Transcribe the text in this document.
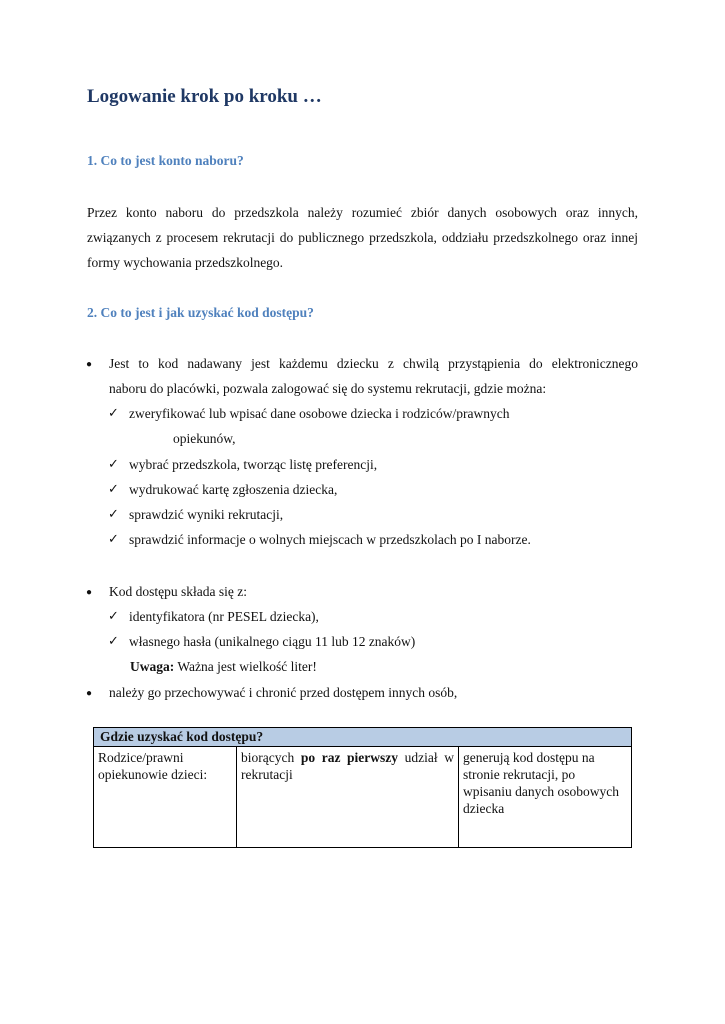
Logowanie krok po kroku …
1. Co to jest konto naboru?
Przez konto naboru do przedszkola należy rozumieć zbiór danych osobowych oraz innych, związanych z procesem rekrutacji do publicznego przedszkola, oddziału przedszkolnego oraz innej formy wychowania przedszkolnego.
2. Co to jest i jak uzyskać kod dostępu?
● Jest to kod nadawany jest każdemu dziecku z chwilą przystąpienia do elektronicznego
naboru do placówki, pozwala zalogować się do systemu rekrutacji, gdzie można:
✓ zweryfikować lub wpisać dane osobowe dziecka i rodziców/prawnych
opiekunów,
✓ wybrać przedszkola, tworząc listę preferencji,
✓ wydrukować kartę zgłoszenia dziecka,
✓ sprawdzić wyniki rekrutacji,
✓ sprawdzić informacje o wolnych miejscach w przedszkolach po I naborze.
● Kod dostępu składa się z:
✓ identyfikatora (nr PESEL dziecka),
✓ własnego hasła (unikalnego ciągu 11 lub 12 znaków)
Uwaga: Ważna jest wielkość liter!
● należy go przechowywać i chronić przed dostępem innych osób,
Gdzie uzyskać kod dostępu?
Rodzice/prawni opiekunowie dzieci:	biorących po raz pierwszy udział w rekrutacji	generują kod dostępu na stronie rekrutacji, po wpisaniu danych osobowych dziecka
